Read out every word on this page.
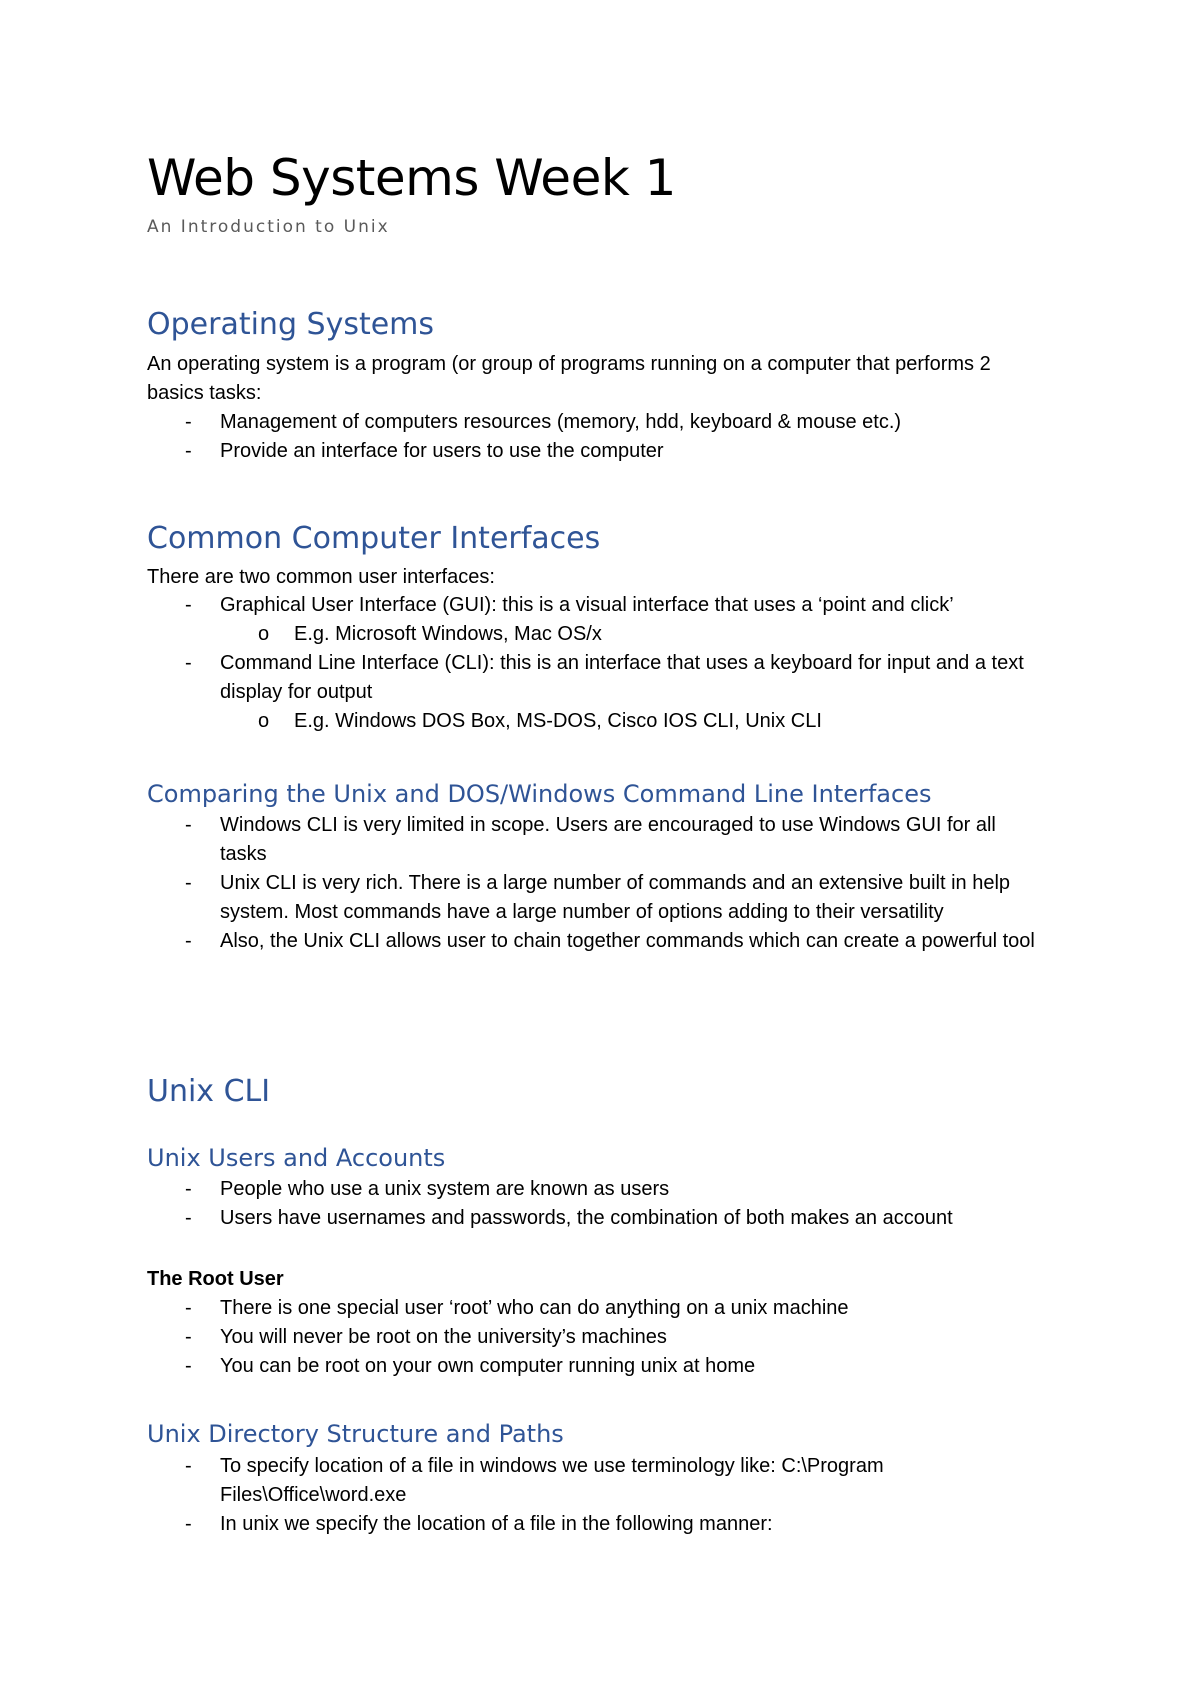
Web Systems Week 1
An Introduction to Unix
Operating Systems

An operating system is a program (or group of programs running on a computer that performs 2 basics tasks:

- Management of computers resources (memory, hdd, keyboard & mouse etc.)
- Provide an interface for users to use the computer
Common Computer Interfaces

There are two common user interfaces:

- Graphical User Interface (GUI): this is a visual interface that uses a ‘point and click’
o E.g. Microsoft Windows, Mac OS/x
- Command Line Interface (CLI): this is an interface that uses a keyboard for input and a text display for output
o E.g. Windows DOS Box, MS-DOS, Cisco IOS CLI, Unix CLI
Comparing the Unix and DOS/Windows Command Line Interfaces
- Windows CLI is very limited in scope. Users are encouraged to use Windows GUI for all tasks
- Unix CLI is very rich. There is a large number of commands and an extensive built in help system. Most commands have a large number of options adding to their versatility
- Also, the Unix CLI allows user to chain together commands which can create a powerful tool
Unix CLI
Unix Users and Accounts
- People who use a unix system are known as users
- Users have usernames and passwords, the combination of both makes an account
The Root User
- There is one special user ‘root’ who can do anything on a unix machine
- You will never be root on the university’s machines
- You can be root on your own computer running unix at home
Unix Directory Structure and Paths
- To specify location of a file in windows we use terminology like: C:\Program Files\Office\word.exe
- In unix we specify the location of a file in the following manner:
